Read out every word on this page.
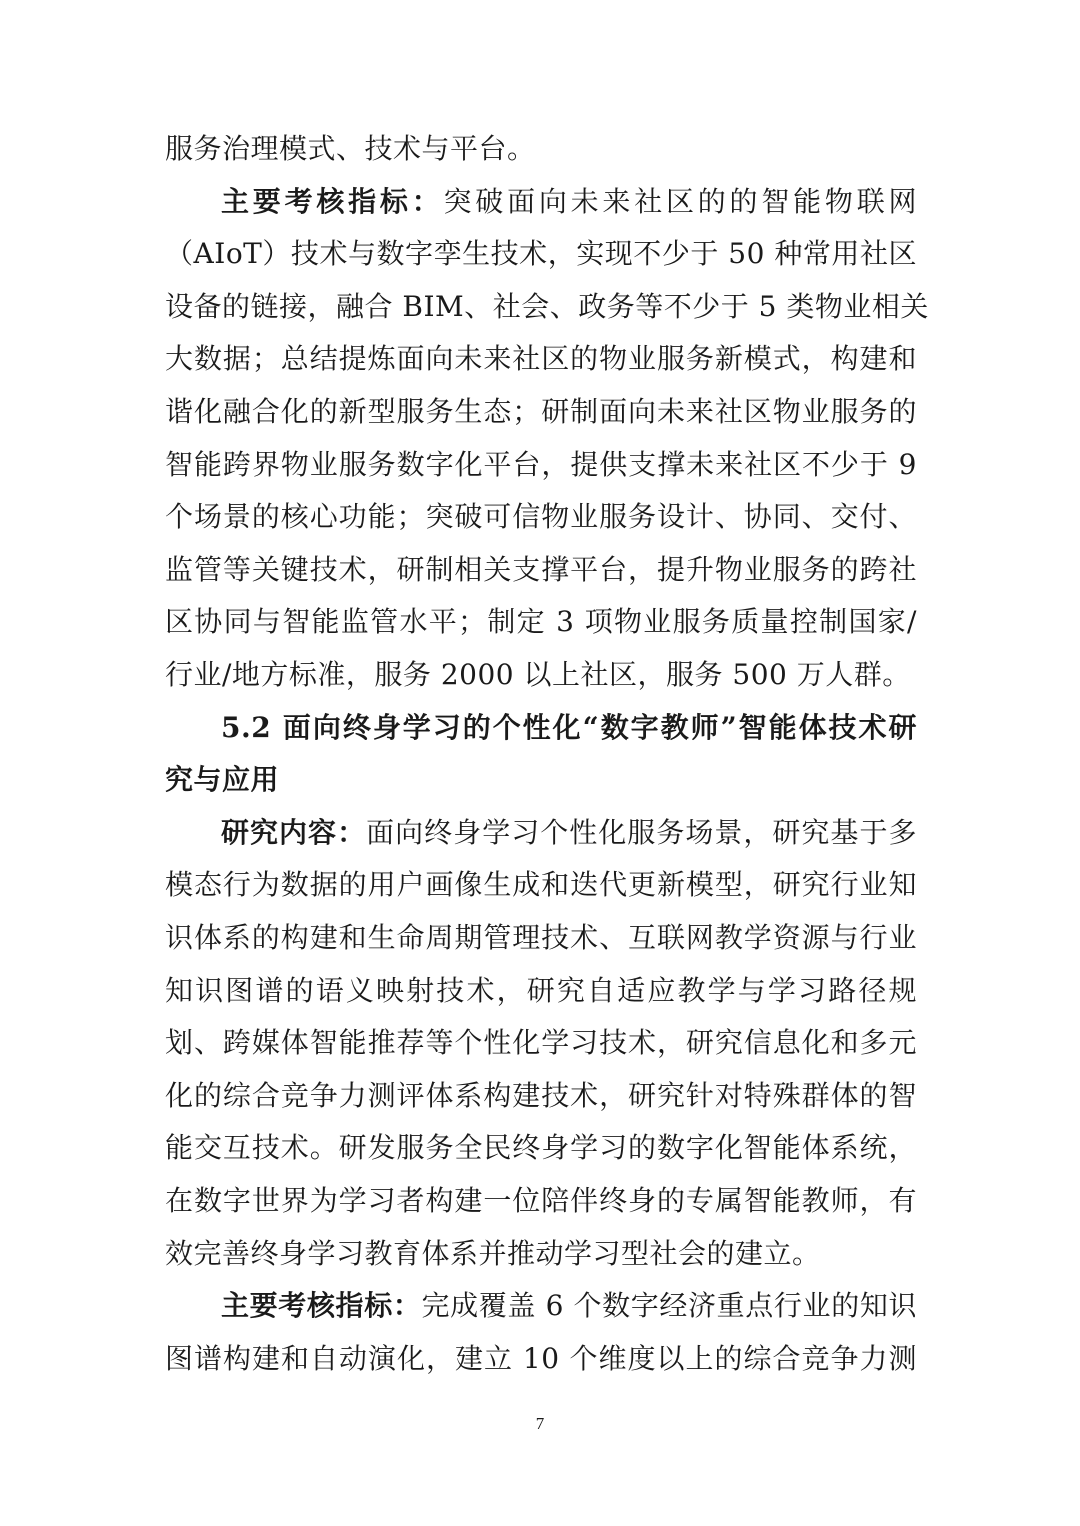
服务治理模式、技术与平台。
主要考核指标：突破面向未来社区的的智能物联网
（AIoT）技术与数字孪生技术，实现不少于 50 种常用社区
设备的链接，融合 BIM、社会、政务等不少于 5 类物业相关
大数据；总结提炼面向未来社区的物业服务新模式，构建和
谐化融合化的新型服务生态；研制面向未来社区物业服务的
智能跨界物业服务数字化平台，提供支撑未来社区不少于 9
个场景的核心功能；突破可信物业服务设计、协同、交付、
监管等关键技术，研制相关支撑平台，提升物业服务的跨社
区协同与智能监管水平；制定 3 项物业服务质量控制国家/
行业/地方标准，服务 2000 以上社区，服务 500 万人群。
5.2 面向终身学习的个性化“数字教师”智能体技术研
究与应用
研究内容：面向终身学习个性化服务场景，研究基于多
模态行为数据的用户画像生成和迭代更新模型，研究行业知
识体系的构建和生命周期管理技术、互联网教学资源与行业
知识图谱的语义映射技术，研究自适应教学与学习路径规
划、跨媒体智能推荐等个性化学习技术，研究信息化和多元
化的综合竞争力测评体系构建技术，研究针对特殊群体的智
能交互技术。研发服务全民终身学习的数字化智能体系统，
在数字世界为学习者构建一位陪伴终身的专属智能教师，有
效完善终身学习教育体系并推动学习型社会的建立。
主要考核指标：完成覆盖 6 个数字经济重点行业的知识
图谱构建和自动演化，建立 10 个维度以上的综合竞争力测
7
